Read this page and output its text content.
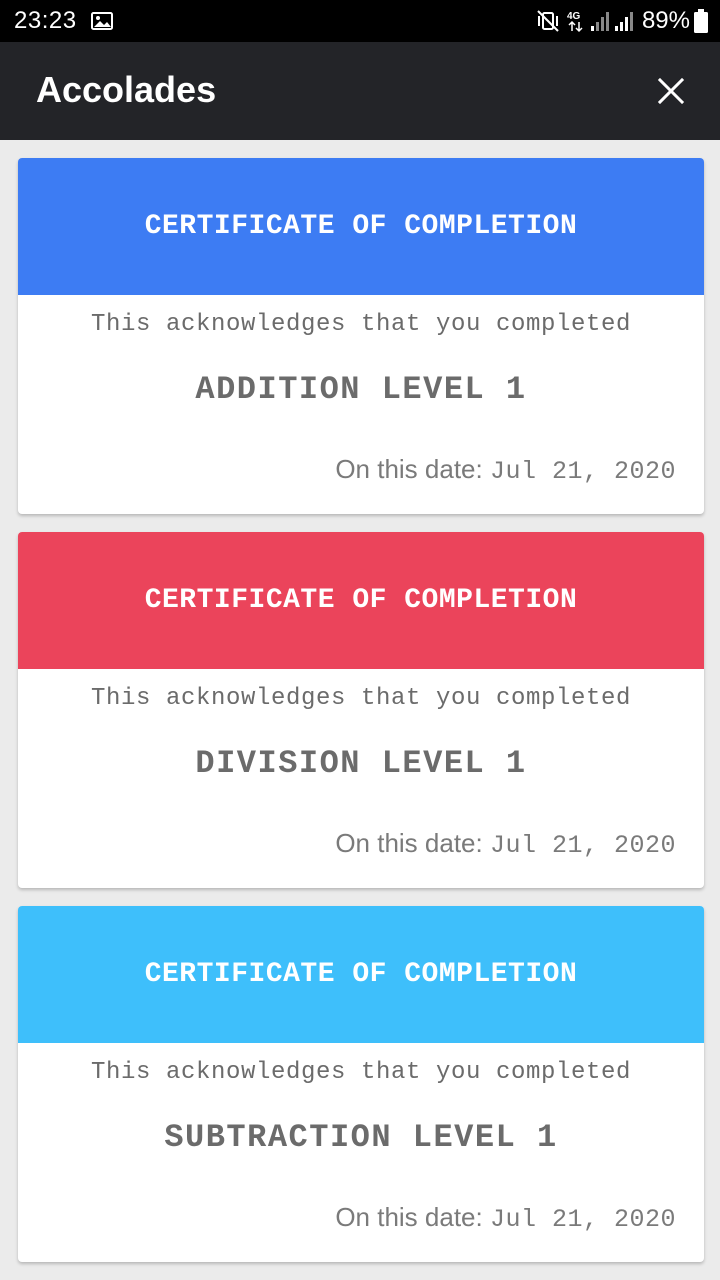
23:23	4G	89%
Accolades
CERTIFICATE OF COMPLETION
This acknowledges that you completed
ADDITION LEVEL 1
On this date: Jul 21, 2020
CERTIFICATE OF COMPLETION
This acknowledges that you completed
DIVISION LEVEL 1
On this date: Jul 21, 2020
CERTIFICATE OF COMPLETION
This acknowledges that you completed
SUBTRACTION LEVEL 1
On this date: Jul 21, 2020
